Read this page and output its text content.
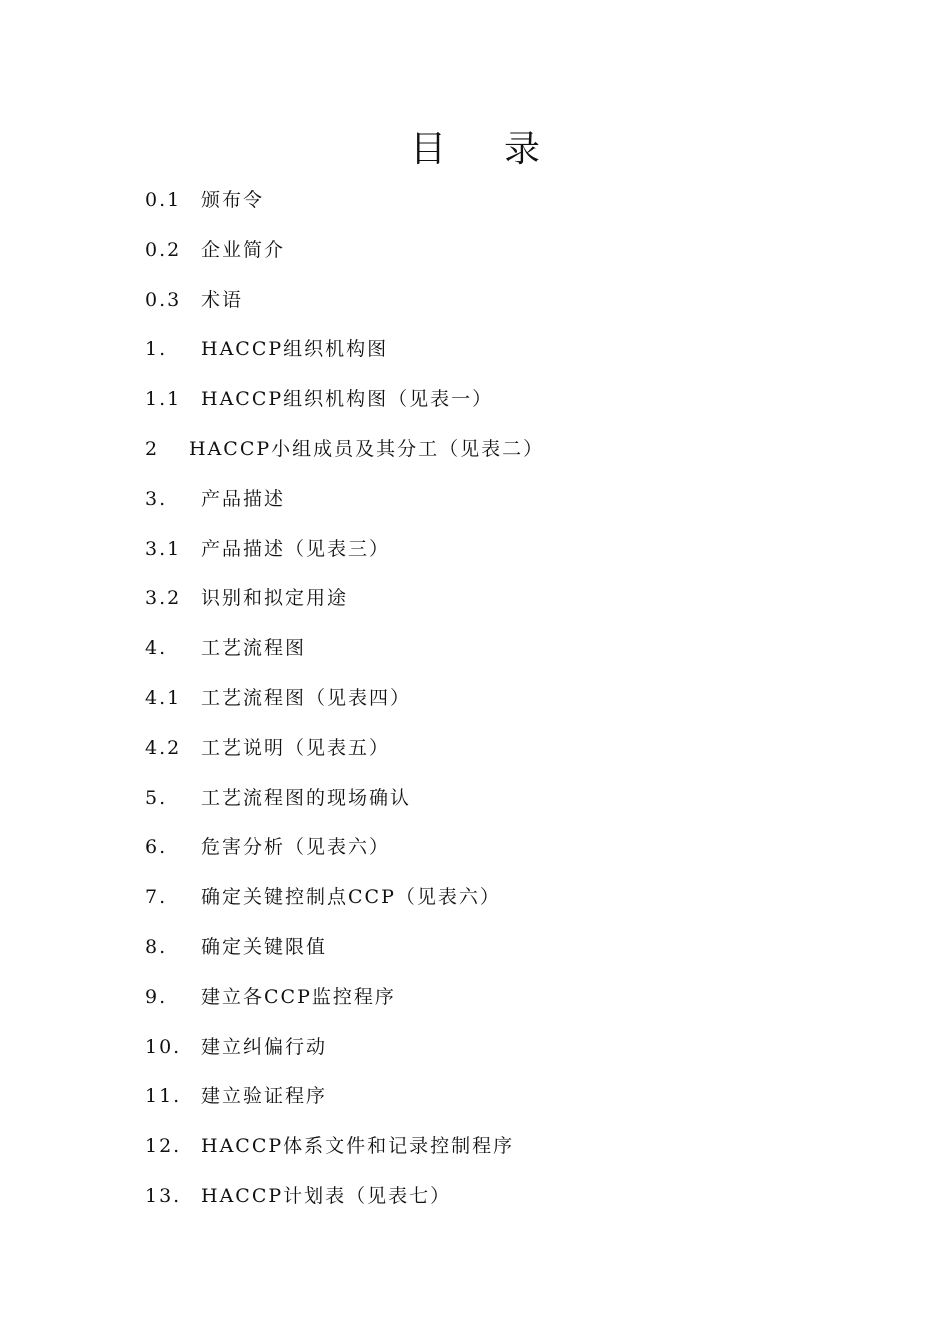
目 录
0.1	颁布令
0.2	企业简介
0.3	术语
1.	HACCP组织机构图
1.1	HACCP组织机构图（见表一）
2	HACCP小组成员及其分工（见表二）
3.	产品描述
3.1	产品描述（见表三）
3.2	识别和拟定用途
4.	工艺流程图
4.1	工艺流程图（见表四）
4.2	工艺说明（见表五）
5.	工艺流程图的现场确认
6.	危害分析（见表六）
7.	确定关键控制点CCP（见表六）
8.	确定关键限值
9.	建立各CCP监控程序
10.	建立纠偏行动
11.	建立验证程序
12.	HACCP体系文件和记录控制程序
13.	HACCP计划表（见表七）
